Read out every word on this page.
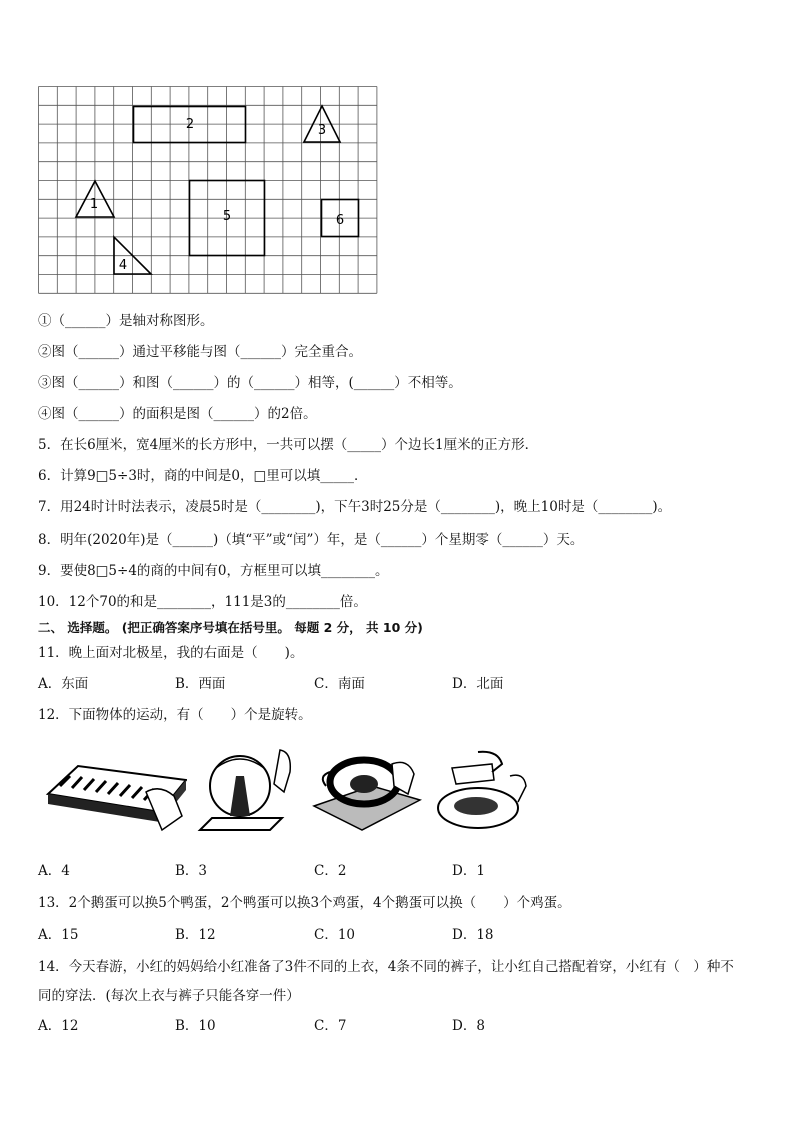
2	3
1
5	6
4
①（______）是轴对称图形。
②图（______）通过平移能与图（______）完全重合。
③图（______）和图（______）的（______）相等，(______）不相等。
④图（______）的面积是图（______）的2倍。
5．在长6厘米，宽4厘米的长方形中，一共可以摆（_____）个边长1厘米的正方形．
6．计算9□5÷3时，商的中间是0，□里可以填_____．
7．用24时计时法表示，凌晨5时是（________)，下午3时25分是（________)，晚上10时是（________)。
8．明年(2020年)是（______)（填“平”或“闰”）年，是（______）个星期零（______）天。
9．要使8□5÷4的商的中间有0，方框里可以填________。
10．12个70的和是________，111是3的________倍。
二、 选择题。 (把正确答案序号填在括号里。 每题 2 分， 共 10 分)
11．晚上面对北极星，我的右面是（　　)。
A．东面	B．西面	C．南面	D．北面
12．下面物体的运动，有（　　）个是旋转。
A．4	B．3	C．2	D．1
13．2个鹅蛋可以换5个鸭蛋，2个鸭蛋可以换3个鸡蛋，4个鹅蛋可以换（　　）个鸡蛋。
A．15	B．12	C．10	D．18
14．今天春游，小红的妈妈给小红准备了3件不同的上衣，4条不同的裤子，让小红自己搭配着穿，小红有（　）种不
同的穿法．(每次上衣与裤子只能各穿一件）
A．12	B．10	C．7	D．8
